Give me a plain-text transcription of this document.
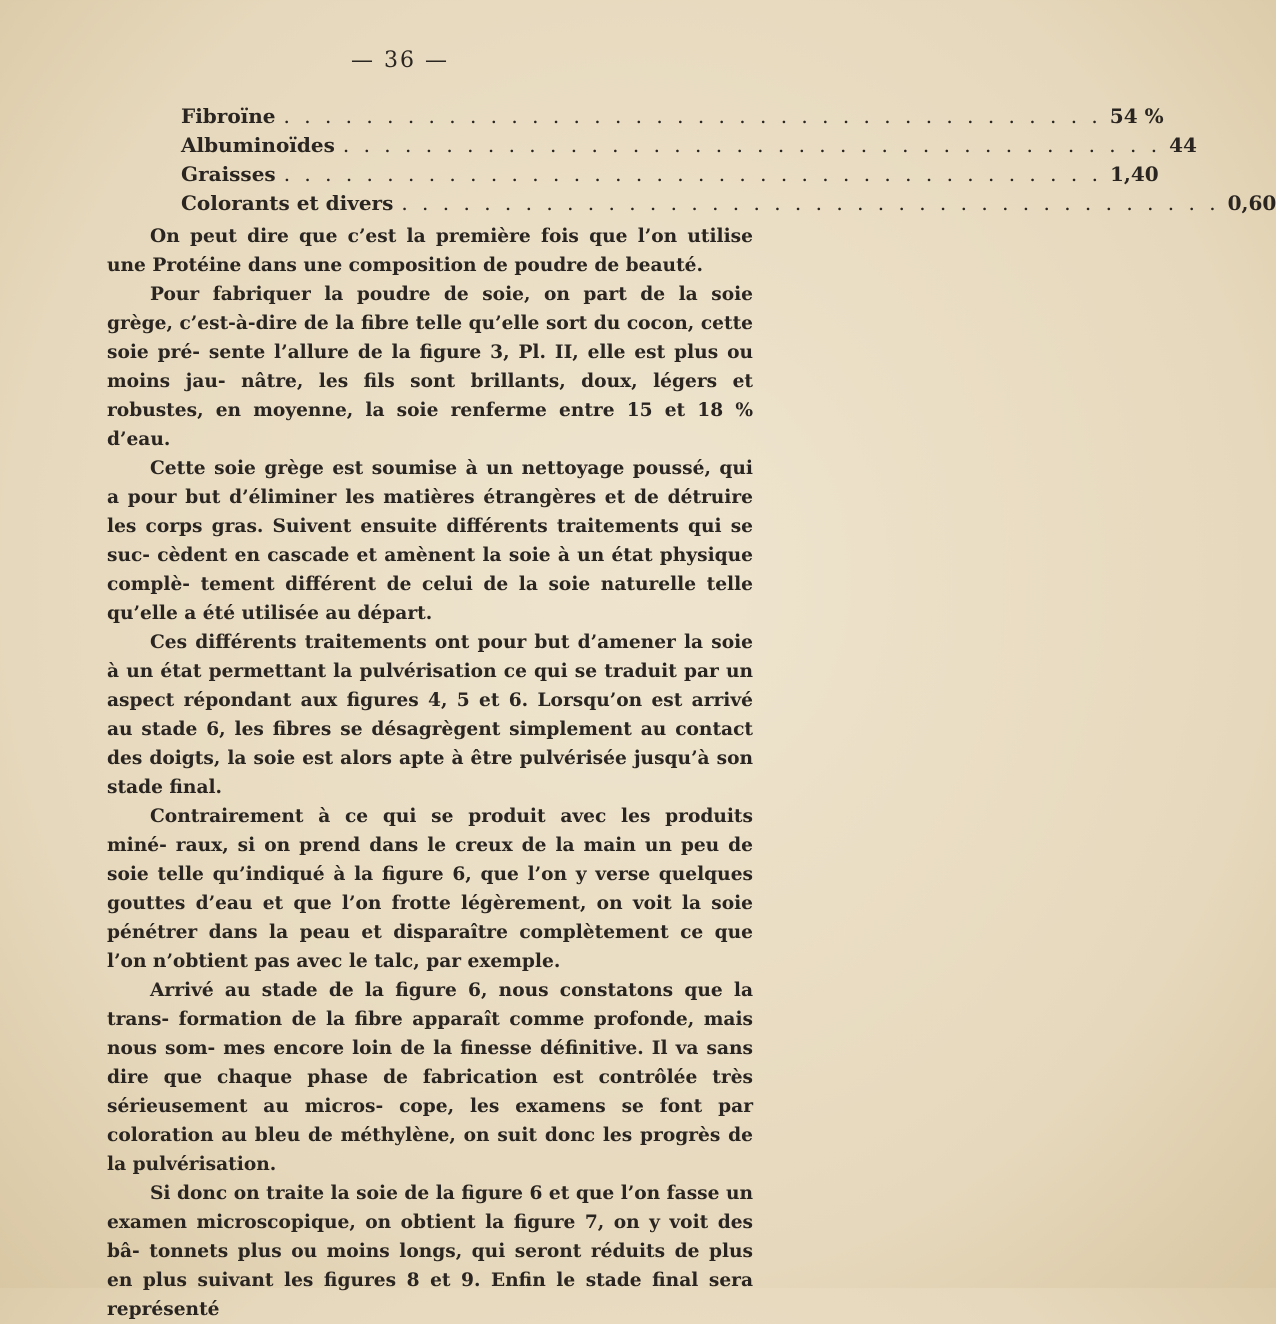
— 36 —
Fibroïne . . . . . . . . . . . . . . . . . . . . . . . . . . . . . . . . . . . . . . . . 54 %
Albuminoïdes . . . . . . . . . . . . . . . . . . . . . . . . . . . . . . . . . . . . . . . . 44
Graisses . . . . . . . . . . . . . . . . . . . . . . . . . . . . . . . . . . . . . . . . 1,40
Colorants et divers . . . . . . . . . . . . . . . . . . . . . . . . . . . . . . . . . . . . . . . . 0,60

On peut dire que c’est la première fois que l’on utilise une Protéine dans une composition de poudre de beauté.

Pour fabriquer la poudre de soie, on part de la soie grège, c’est-à-dire de la fibre telle qu’elle sort du cocon, cette soie pré- sente l’allure de la figure 3, Pl. II, elle est plus ou moins jau- nâtre, les fils sont brillants, doux, légers et robustes, en moyenne, la soie renferme entre 15 et 18 % d’eau.

Cette soie grège est soumise à un nettoyage poussé, qui a pour but d’éliminer les matières étrangères et de détruire les corps gras. Suivent ensuite différents traitements qui se suc- cèdent en cascade et amènent la soie à un état physique complè- tement différent de celui de la soie naturelle telle qu’elle a été utilisée au départ.

Ces différents traitements ont pour but d’amener la soie à un état permettant la pulvérisation ce qui se traduit par un aspect répondant aux figures 4, 5 et 6. Lorsqu’on est arrivé au stade 6, les fibres se désagrègent simplement au contact des doigts, la soie est alors apte à être pulvérisée jusqu’à son stade final.

Contrairement à ce qui se produit avec les produits miné- raux, si on prend dans le creux de la main un peu de soie telle qu’indiqué à la figure 6, que l’on y verse quelques gouttes d’eau et que l’on frotte légèrement, on voit la soie pénétrer dans la peau et disparaître complètement ce que l’on n’obtient pas avec le talc, par exemple.

Arrivé au stade de la figure 6, nous constatons que la trans- formation de la fibre apparaît comme profonde, mais nous som- mes encore loin de la finesse définitive. Il va sans dire que chaque phase de fabrication est contrôlée très sérieusement au micros- cope, les examens se font par coloration au bleu de méthylène, on suit donc les progrès de la pulvérisation.

Si donc on traite la soie de la figure 6 et que l’on fasse un examen microscopique, on obtient la figure 7, on y voit des bâ- tonnets plus ou moins longs, qui seront réduits de plus en plus suivant les figures 8 et 9. Enfin le stade final sera représenté
